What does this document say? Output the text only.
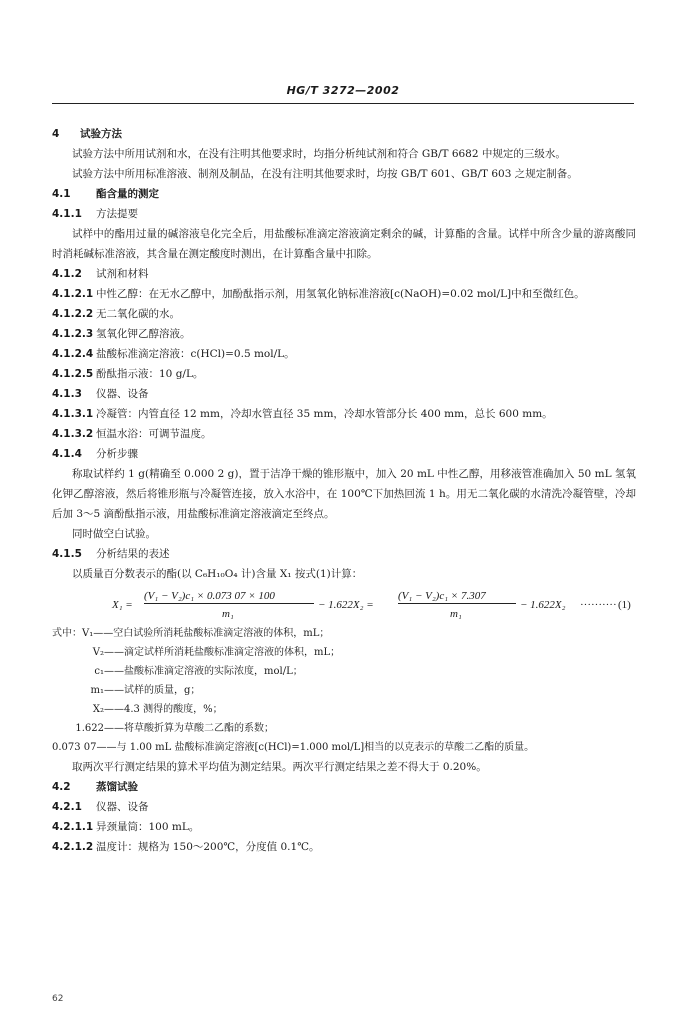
HG/T 3272—2002
4 试验方法
试验方法中所用试剂和水，在没有注明其他要求时，均指分析纯试剂和符合 GB/T 6682 中规定的三级水。
试验方法中所用标准溶液、制剂及制品，在没有注明其他要求时，均按 GB/T 601、GB/T 603 之规定制备。
4.1 酯含量的测定
4.1.1 方法提要
试样中的酯用过量的碱溶液皂化完全后，用盐酸标准滴定溶液滴定剩余的碱，计算酯的含量。试样中所含少量的游离酸同时消耗碱标准溶液，其含量在测定酸度时测出，在计算酯含量中扣除。
4.1.2 试剂和材料
4.1.2.1 中性乙醇：在无水乙醇中，加酚酞指示剂，用氢氧化钠标准溶液[c(NaOH)=0.02 mol/L]中和至微红色。
4.1.2.2 无二氧化碳的水。
4.1.2.3 氢氧化钾乙醇溶液。
4.1.2.4 盐酸标准滴定溶液：c(HCl)=0.5 mol/L。
4.1.2.5 酚酞指示液：10 g/L。
4.1.3 仪器、设备
4.1.3.1 冷凝管：内管直径 12 mm，冷却水管直径 35 mm，冷却水管部分长 400 mm，总长 600 mm。
4.1.3.2 恒温水浴：可调节温度。
4.1.4 分析步骤
称取试样约 1 g(精确至 0.000 2 g)，置于洁净干燥的锥形瓶中，加入 20 mL 中性乙醇，用移液管准确加入 50 mL 氢氧化钾乙醇溶液，然后将锥形瓶与冷凝管连接，放入水浴中，在 100℃下加热回流 1 h。用无二氧化碳的水清洗冷凝管壁，冷却后加 3～5 滴酚酞指示液，用盐酸标准滴定溶液滴定至终点。
同时做空白试验。
4.1.5 分析结果的表述
以质量百分数表示的酯(以 C₆H₁₀O₄ 计)含量 X₁ 按式(1)计算：
X₁ =
(V₁ − V₂)c₁ × 0.073 07 × 100
m₁
− 1.622X₂ =
(V₁ − V₂)c₁ × 7.307
m₁
− 1.622X₂ ·········· (1)
式中：V₁——空白试验所消耗盐酸标准滴定溶液的体积，mL；
V₂——滴定试样所消耗盐酸标准滴定溶液的体积，mL；
c₁——盐酸标准滴定溶液的实际浓度，mol/L；
m₁——试样的质量，g；
X₂——4.3 测得的酸度，%；
1.622——将草酸折算为草酸二乙酯的系数；
0.073 07——与 1.00 mL 盐酸标准滴定溶液[c(HCl)=1.000 mol/L]相当的以克表示的草酸二乙酯的质量。
取两次平行测定结果的算术平均值为测定结果。两次平行测定结果之差不得大于 0.20%。
4.2 蒸馏试验
4.2.1 仪器、设备
4.2.1.1 异颈量筒：100 mL。
4.2.1.2 温度计：规格为 150～200℃，分度值 0.1℃。
62
